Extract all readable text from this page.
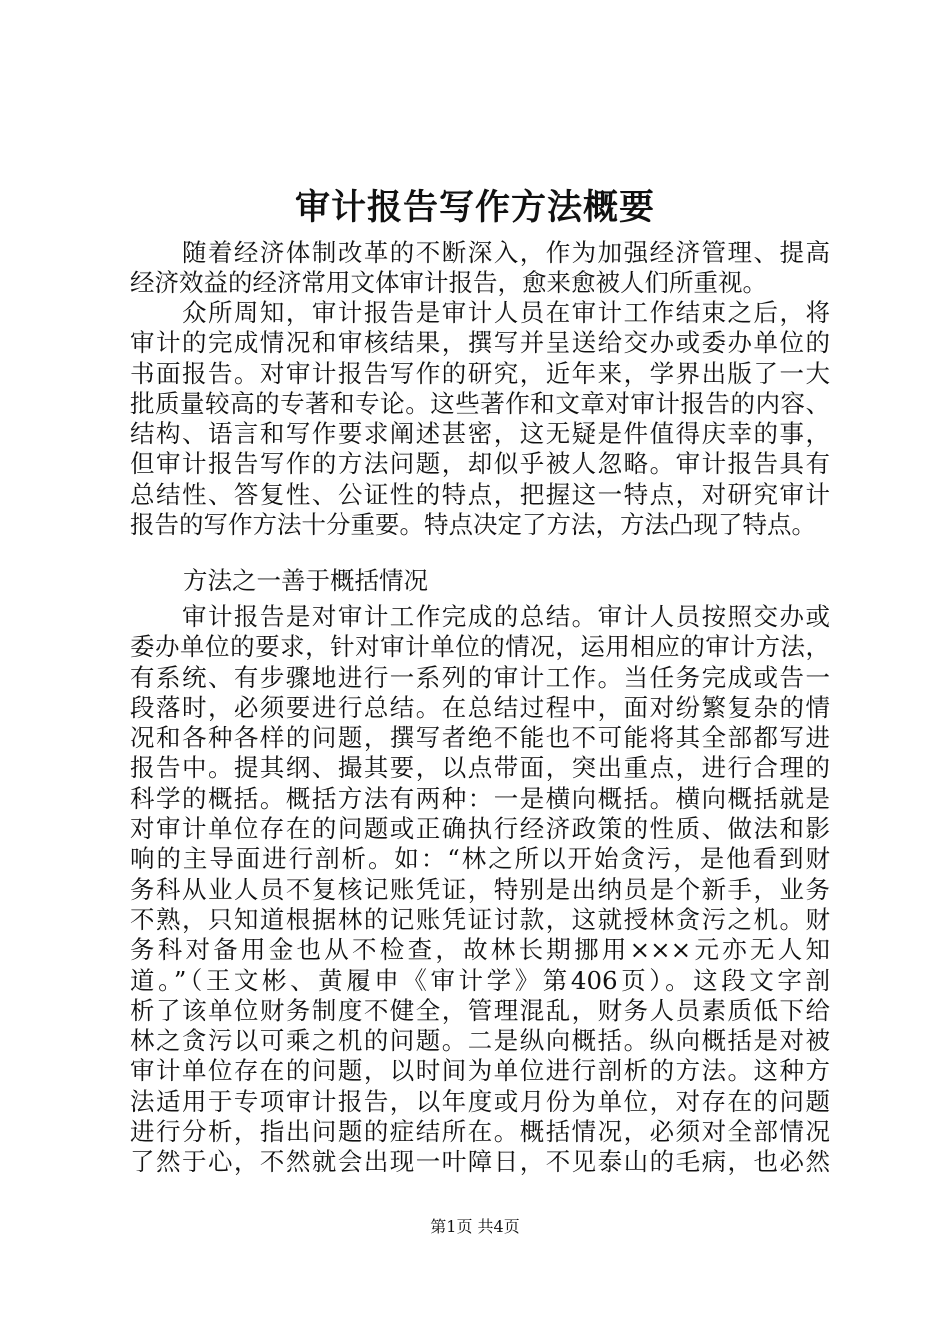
审计报告写作方法概要
　　随着经济体制改革的不断深入，作为加强经济管理、提高
经济效益的经济常用文体审计报告，愈来愈被人们所重视。
　　众所周知，审计报告是审计人员在审计工作结束之后，将
审计的完成情况和审核结果，撰写并呈送给交办或委办单位的
书面报告。对审计报告写作的研究，近年来，学界出版了一大
批质量较高的专著和专论。这些著作和文章对审计报告的内容、
结构、语言和写作要求阐述甚密，这无疑是件值得庆幸的事，
但审计报告写作的方法问题，却似乎被人忽略。审计报告具有
总结性、答复性、公证性的特点，把握这一特点，对研究审计
报告的写作方法十分重要。特点决定了方法，方法凸现了特点。
方法之一善于概括情况
　　审计报告是对审计工作完成的总结。审计人员按照交办或
委办单位的要求，针对审计单位的情况，运用相应的审计方法，
有系统、有步骤地进行一系列的审计工作。当任务完成或告一
段落时，必须要进行总结。在总结过程中，面对纷繁复杂的情
况和各种各样的问题，撰写者绝不能也不可能将其全部都写进
报告中。提其纲、撮其要，以点带面，突出重点，进行合理的
科学的概括。概括方法有两种：一是横向概括。横向概括就是
对审计单位存在的问题或正确执行经济政策的性质、做法和影
响的主导面进行剖析。如：“林之所以开始贪污，是他看到财
务科从业人员不复核记账凭证，特别是出纳员是个新手，业务
不熟，只知道根据林的记账凭证讨款，这就授林贪污之机。财
务科对备用金也从不检查，故林长期挪用×××元亦无人知
道。”（王文彬、黄履申《审计学》第406页）。这段文字剖
析了该单位财务制度不健全，管理混乱，财务人员素质低下给
林之贪污以可乘之机的问题。二是纵向概括。纵向概括是对被
审计单位存在的问题，以时间为单位进行剖析的方法。这种方
法适用于专项审计报告，以年度或月份为单位，对存在的问题
进行分析，指出问题的症结所在。概括情况，必须对全部情况
了然于心，不然就会出现一叶障日，不见泰山的毛病，也必然
第1页 共4页
